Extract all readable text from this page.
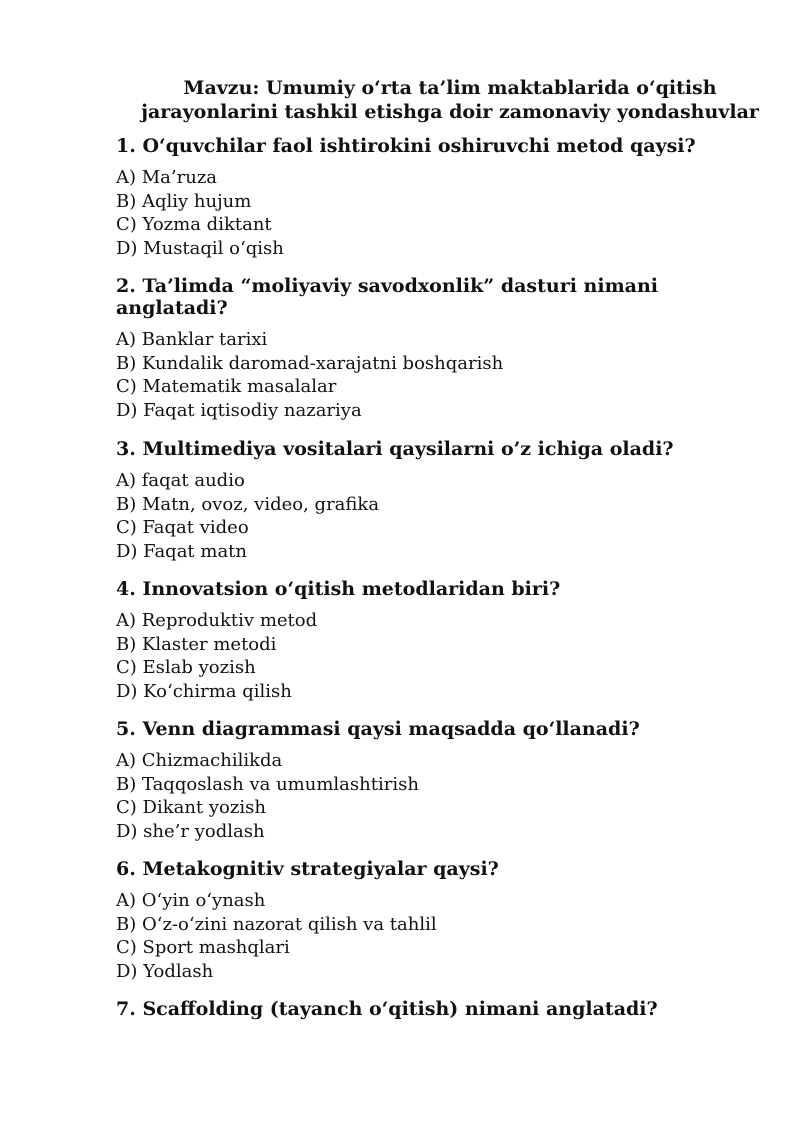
Mavzu: Umumiy o‘rta ta’lim maktablarida o‘qitish
jarayonlarini tashkil etishga doir zamonaviy yondashuvlar

1. O‘quvchilar faol ishtirokini oshiruvchi metod qaysi?

A) Ma’ruza

B) Aqliy hujum

C) Yozma diktant

D) Mustaqil o‘qish

2. Ta’limda “moliyaviy savodxonlik” dasturi nimani

anglatadi?

A) Banklar tarixi

B) Kundalik daromad-xarajatni boshqarish

C) Matematik masalalar

D) Faqat iqtisodiy nazariya

3. Multimediya vositalari qaysilarni o’z ichiga oladi?

A) faqat audio

B) Matn, ovoz, video, grafika

C) Faqat video

D) Faqat matn

4. Innovatsion o‘qitish metodlaridan biri?

A) Reproduktiv metod

B) Klaster metodi

C) Eslab yozish

D) Ko‘chirma qilish

5. Venn diagrammasi qaysi maqsadda qo‘llanadi?

A) Chizmachilikda

B) Taqqoslash va umumlashtirish

C) Dikant yozish

D) she’r yodlash

6. Metakognitiv strategiyalar qaysi?

A) O‘yin o‘ynash

B) O‘z-o‘zini nazorat qilish va tahlil

C) Sport mashqlari

D) Yodlash

7. Scaffolding (tayanch o‘qitish) nimani anglatadi?
